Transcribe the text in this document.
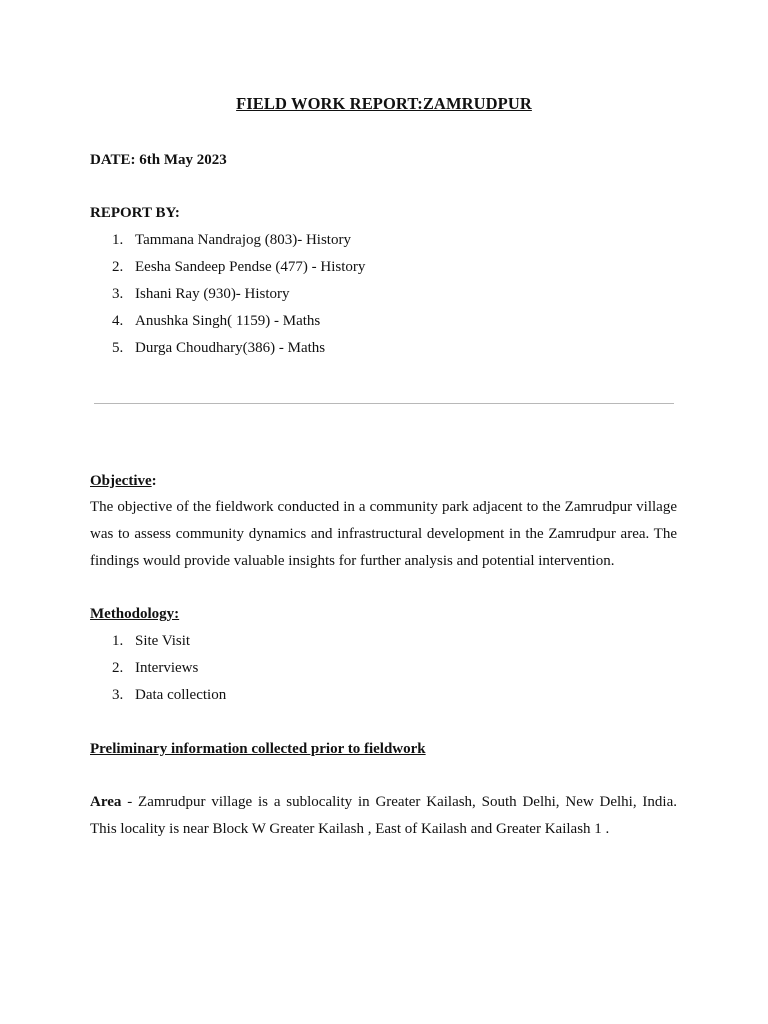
FIELD WORK REPORT:ZAMRUDPUR
DATE: 6th May 2023
REPORT BY:
1. Tammana Nandrajog (803)- History
2. Eesha Sandeep Pendse (477) - History
3. Ishani Ray (930)- History
4. Anushka Singh( 1159) - Maths
5. Durga Choudhary(386) - Maths
Objective:
The objective of the fieldwork conducted in a community park adjacent to the Zamrudpur village was to assess community dynamics and infrastructural development in the Zamrudpur area. The findings would provide valuable insights for further analysis and potential intervention.
Methodology:
1. Site Visit
2. Interviews
3. Data collection
Preliminary information collected prior to fieldwork
Area - Zamrudpur village is a sublocality in Greater Kailash, South Delhi, New Delhi, India. This locality is near Block W Greater Kailash , East of Kailash and Greater Kailash 1 .
